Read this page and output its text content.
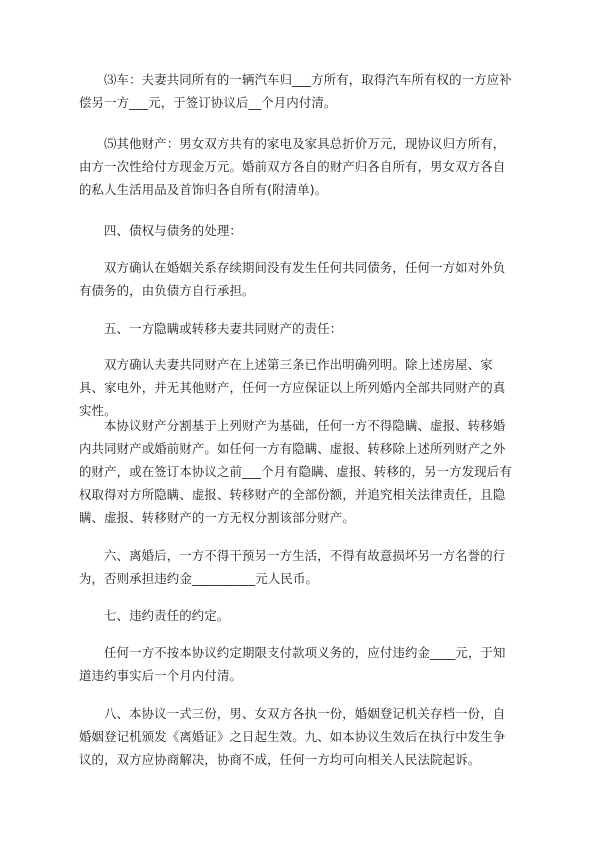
⑶车：夫妻共同所有的一辆汽车归___方所有，取得汽车所有权的一方应补偿另一方___元，于签订协议后__个月内付清。

⑸其他财产：男女双方共有的家电及家具总折价万元，现协议归方所有，由方一次性给付方现金万元。婚前双方各自的财产归各自所有，男女双方各自的私人生活用品及首饰归各自所有(附清单)。

四、债权与债务的处理：

双方确认在婚姻关系存续期间没有发生任何共同债务，任何一方如对外负有债务的，由负债方自行承担。

五、一方隐瞒或转移夫妻共同财产的责任：

双方确认夫妻共同财产在上述第三条已作出明确列明。除上述房屋、家具、家电外，并无其他财产，任何一方应保证以上所列婚内全部共同财产的真实性。

本协议财产分割基于上列财产为基础，任何一方不得隐瞒、虚报、转移婚内共同财产或婚前财产。如任何一方有隐瞒、虚报、转移除上述所列财产之外的财产，或在签订本协议之前___个月有隐瞒、虚报、转移的，另一方发现后有权取得对方所隐瞒、虚报、转移财产的全部份额，并追究相关法律责任，且隐瞒、虚报、转移财产的一方无权分割该部分财产。

六、离婚后，一方不得干预另一方生活，不得有故意损坏另一方名誉的行为，否则承担违约金__________元人民币。

七、违约责任的约定。

任何一方不按本协议约定期限支付款项义务的，应付违约金____元，于知道违约事实后一个月内付清。

八、本协议一式三份，男、女双方各执一份，婚姻登记机关存档一份，自婚姻登记机颁发《离婚证》之日起生效。九、如本协议生效后在执行中发生争议的，双方应协商解决，协商不成，任何一方均可向相关人民法院起诉。
